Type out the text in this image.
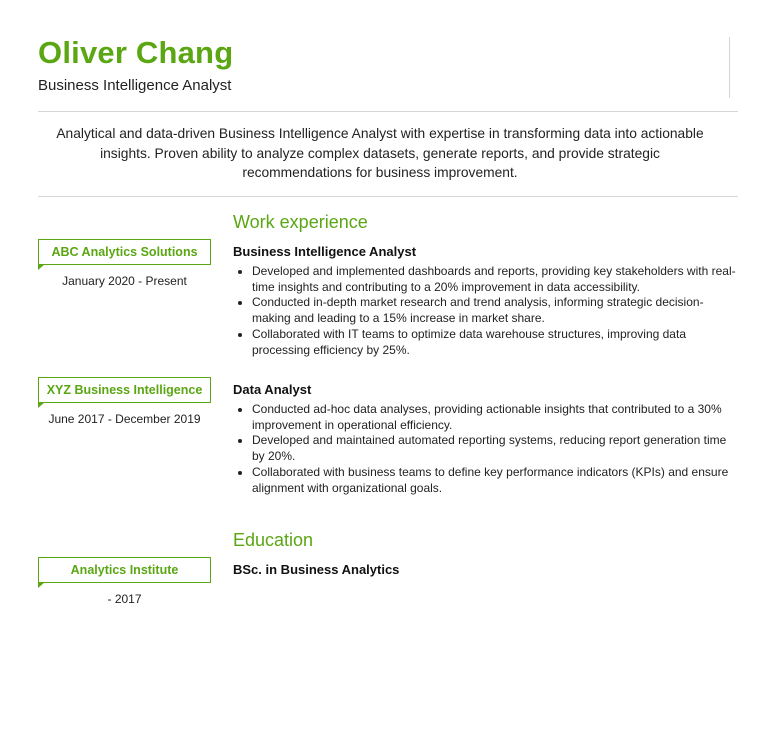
Oliver Chang
Business Intelligence Analyst
Analytical and data-driven Business Intelligence Analyst with expertise in transforming data into actionable insights. Proven ability to analyze complex datasets, generate reports, and provide strategic recommendations for business improvement.
Work experience
ABC Analytics Solutions
January 2020 - Present
Business Intelligence Analyst
Developed and implemented dashboards and reports, providing key stakeholders with real-time insights and contributing to a 20% improvement in data accessibility.
Conducted in-depth market research and trend analysis, informing strategic decision-making and leading to a 15% increase in market share.
Collaborated with IT teams to optimize data warehouse structures, improving data processing efficiency by 25%.
XYZ Business Intelligence
June 2017 - December 2019
Data Analyst
Conducted ad-hoc data analyses, providing actionable insights that contributed to a 30% improvement in operational efficiency.
Developed and maintained automated reporting systems, reducing report generation time by 20%.
Collaborated with business teams to define key performance indicators (KPIs) and ensure alignment with organizational goals.
Education
Analytics Institute
- 2017
BSc. in Business Analytics
